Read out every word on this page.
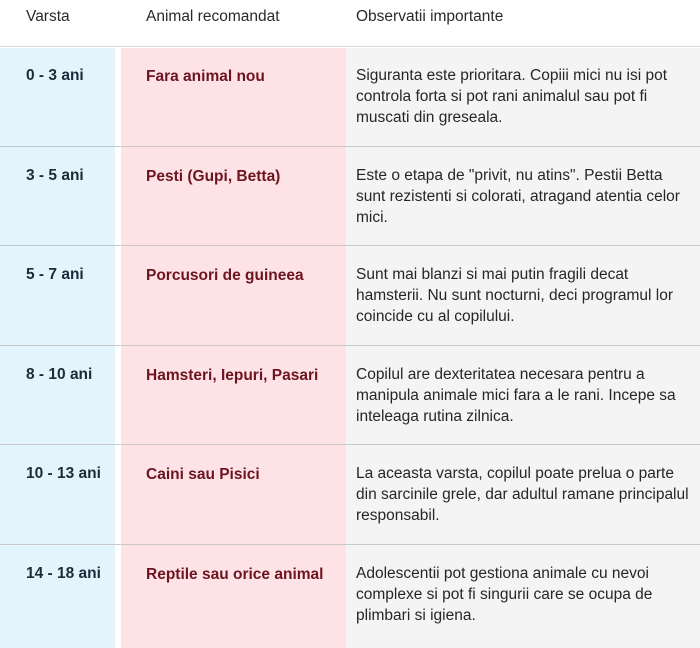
Varsta	Animal recomandat	Observatii importante
0 - 3 ani	Fara animal nou	Siguranta este prioritara. Copiii mici nu isi pot controla forta si pot rani animalul sau pot fi muscati din greseala.
3 - 5 ani	Pesti (Gupi, Betta)	Este o etapa de "privit, nu atins". Pestii Betta sunt rezistenti si colorati, atragand atentia celor mici.
5 - 7 ani	Porcusori de guineea	Sunt mai blanzi si mai putin fragili decat hamsterii. Nu sunt nocturni, deci programul lor coincide cu al copilului.
8 - 10 ani	Hamsteri, Iepuri, Pasari	Copilul are dexteritatea necesara pentru a manipula animale mici fara a le rani. Incepe sa inteleaga rutina zilnica.
10 - 13 ani	Caini sau Pisici	La aceasta varsta, copilul poate prelua o parte din sarcinile grele, dar adultul ramane principalul responsabil.
14 - 18 ani	Reptile sau orice animal	Adolescentii pot gestiona animale cu nevoi complexe si pot fi singurii care se ocupa de plimbari si igiena.
